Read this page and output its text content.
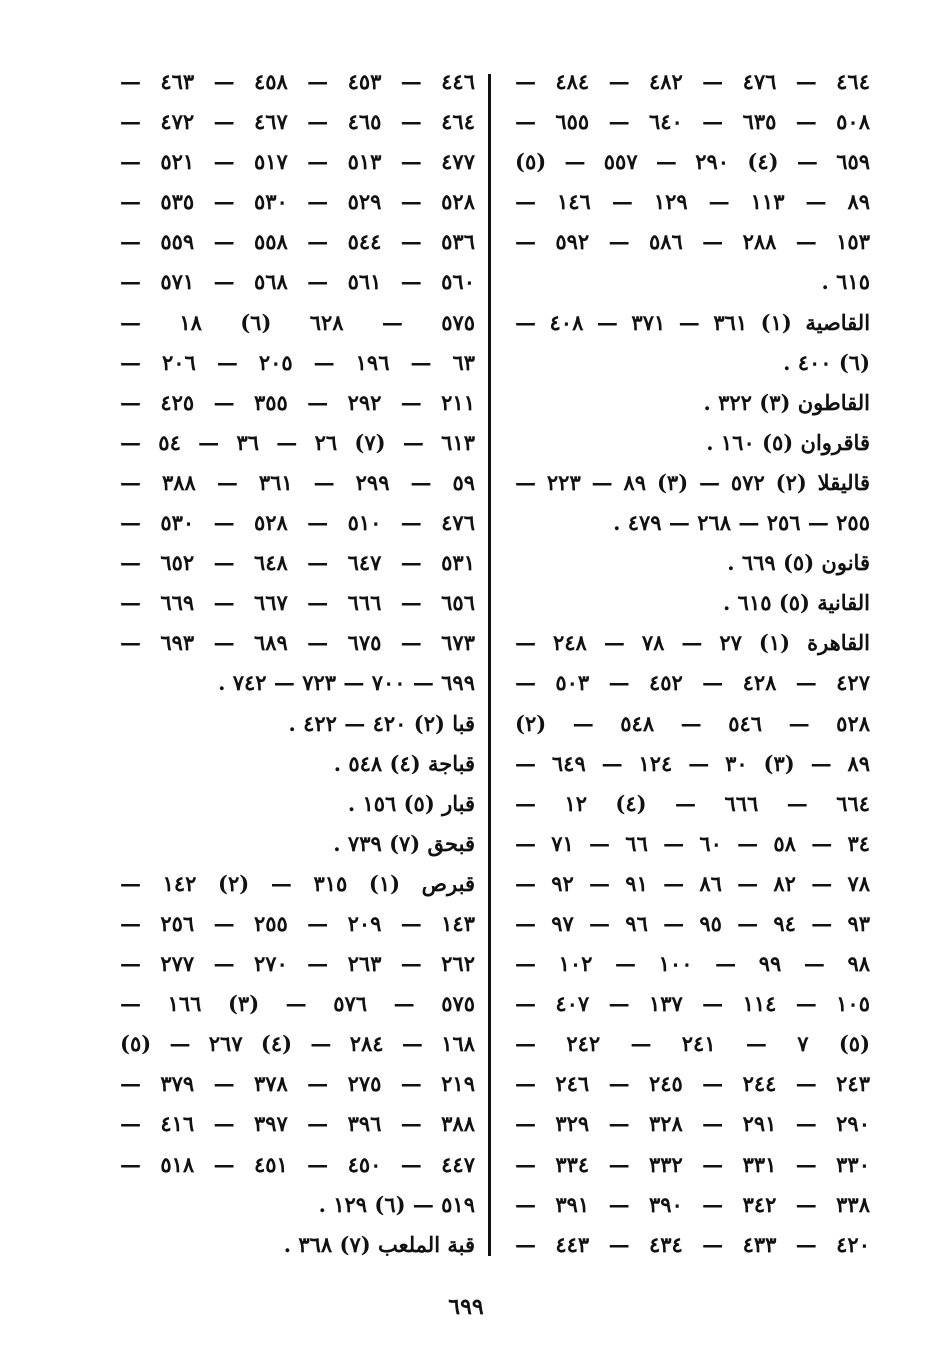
٤٦٤ — ٤٧٦ — ٤٨٢ — ٤٨٤ —
٥٠٨ — ٦٣٥ — ٦٤٠ — ٦٥٥ —
٦٥٩ — (٤) ٢٩٠ — ٥٥٧ — (٥)
٨٩ — ١١٣ — ١٢٩ — ١٤٦ —
١٥٣ — ٢٨٨ — ٥٨٦ — ٥٩٢ —
٦١٥ .
القاصية (١) ٣٦١ — ٣٧١ — ٤٠٨ —
(٦) ٤٠٠ .
القاطون (٣) ٣٢٢ .
قاقروان (٥) ١٦٠ .
قاليقلا (٢) ٥٧٢ — (٣) ٨٩ — ٢٢٣ —
٢٥٥ — ٢٥٦ — ٢٦٨ — ٤٧٩ .
قانون (٥) ٦٦٩ .
القانية (٥) ٦١٥ .
القاهرة (١) ٢٧ — ٧٨ — ٢٤٨ —
٤٢٧ — ٤٢٨ — ٤٥٢ — ٥٠٣ —
٥٢٨ — ٥٤٦ — ٥٤٨ — (٢)
٨٩ — (٣) ٣٠ — ١٢٤ — ٦٤٩ —
٦٦٤ — ٦٦٦ — (٤) ١٢ —
٣٤ — ٥٨ — ٦٠ — ٦٦ — ٧١ —
٧٨ — ٨٢ — ٨٦ — ٩١ — ٩٢ —
٩٣ — ٩٤ — ٩٥ — ٩٦ — ٩٧ —
٩٨ — ٩٩ — ١٠٠ — ١٠٢ —
١٠٥ — ١١٤ — ١٣٧ — ٤٠٧ —
(٥) ٧ — ٢٤١ — ٢٤٢ —
٢٤٣ — ٢٤٤ — ٢٤٥ — ٢٤٦ —
٢٩٠ — ٢٩١ — ٣٢٨ — ٣٢٩ —
٣٣٠ — ٣٣١ — ٣٣٢ — ٣٣٤ —
٣٣٨ — ٣٤٢ — ٣٩٠ — ٣٩١ —
٤٢٠ — ٤٣٣ — ٤٣٤ — ٤٤٣ —
٤٤٦ — ٤٥٣ — ٤٥٨ — ٤٦٣ —
٤٦٤ — ٤٦٥ — ٤٦٧ — ٤٧٢ —
٤٧٧ — ٥١٣ — ٥١٧ — ٥٢١ —
٥٢٨ — ٥٢٩ — ٥٣٠ — ٥٣٥ —
٥٣٦ — ٥٤٤ — ٥٥٨ — ٥٥٩ —
٥٦٠ — ٥٦١ — ٥٦٨ — ٥٧١ —
٥٧٥ — ٦٢٨ (٦) ١٨ —
٦٣ — ١٩٦ — ٢٠٥ — ٢٠٦ —
٢١١ — ٢٩٢ — ٣٥٥ — ٤٢٥ —
٦١٣ — (٧) ٢٦ — ٣٦ — ٥٤ —
٥٩ — ٢٩٩ — ٣٦١ — ٣٨٨ —
٤٧٦ — ٥١٠ — ٥٢٨ — ٥٣٠ —
٥٣١ — ٦٤٧ — ٦٤٨ — ٦٥٢ —
٦٥٦ — ٦٦٦ — ٦٦٧ — ٦٦٩ —
٦٧٣ — ٦٧٥ — ٦٨٩ — ٦٩٣ —
٦٩٩ — ٧٠٠ — ٧٢٣ — ٧٤٢ .
قبا (٢) ٤٢٠ — ٤٢٢ .
قباجة (٤) ٥٤٨ .
قبار (٥) ١٥٦ .
قبحق (٧) ٧٣٩ .
قبرص (١) ٣١٥ — (٢) ١٤٢ —
١٤٣ — ٢٠٩ — ٢٥٥ — ٢٥٦ —
٢٦٢ — ٢٦٣ — ٢٧٠ — ٢٧٧ —
٥٧٥ — ٥٧٦ — (٣) ١٦٦ —
١٦٨ — ٢٨٤ — (٤) ٢٦٧ — (٥)
٢١٩ — ٢٧٥ — ٣٧٨ — ٣٧٩ —
٣٨٨ — ٣٩٦ — ٣٩٧ — ٤١٦ —
٤٤٧ — ٤٥٠ — ٤٥١ — ٥١٨ —
٥١٩ — (٦) ١٢٩ .
قبة الملعب (٧) ٣٦٨ .
٦٩٩
